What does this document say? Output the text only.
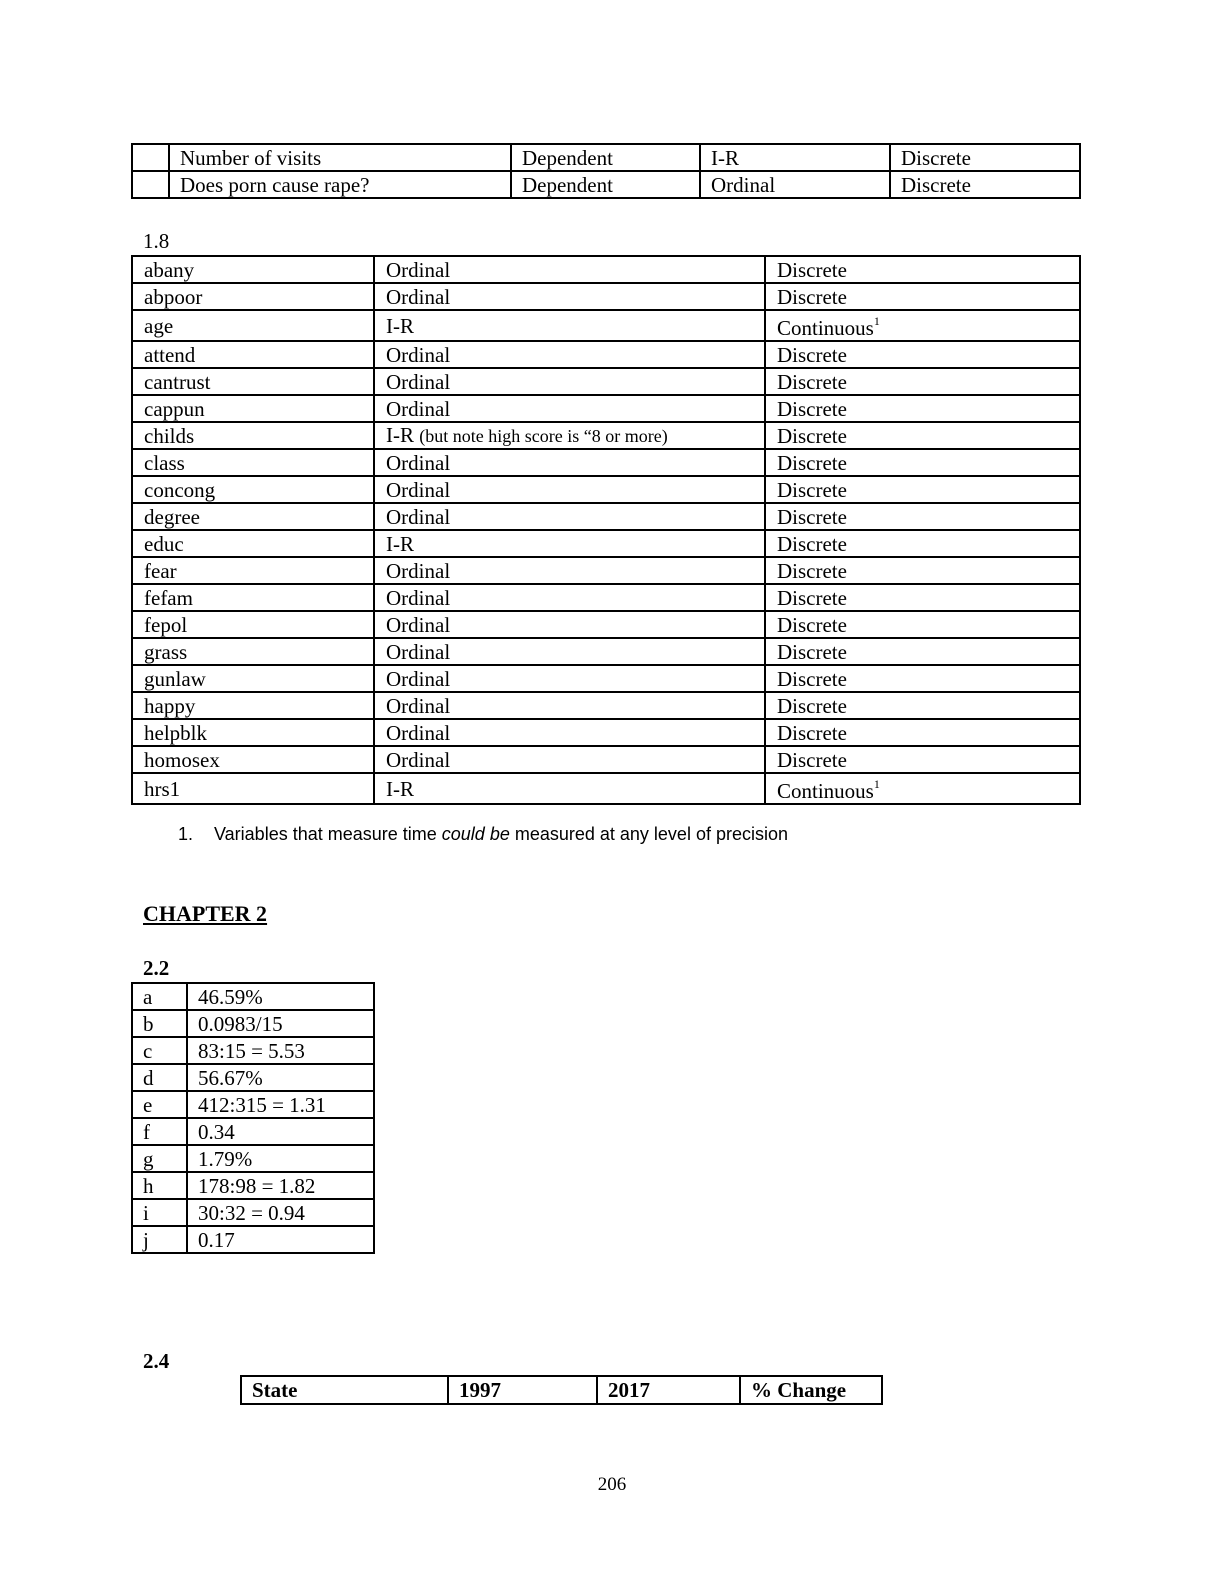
	Number of visits	Dependent	I-R	Discrete
	Does porn cause rape?	Dependent	Ordinal	Discrete
1.8
abany	Ordinal	Discrete
abpoor	Ordinal	Discrete
age	I-R	Continuous$^1$
attend	Ordinal	Discrete
cantrust	Ordinal	Discrete
cappun	Ordinal	Discrete
childs	I-R (but note high score is “8 or more)	Discrete
class	Ordinal	Discrete
concong	Ordinal	Discrete
degree	Ordinal	Discrete
educ	I-R	Discrete
fear	Ordinal	Discrete
fefam	Ordinal	Discrete
fepol	Ordinal	Discrete
grass	Ordinal	Discrete
gunlaw	Ordinal	Discrete
happy	Ordinal	Discrete
helpblk	Ordinal	Discrete
homosex	Ordinal	Discrete
hrs1	I-R	Continuous$^1$
1. Variables that measure time could be measured at any level of precision
CHAPTER 2
2.2
a	46.59%
b	0.0983/15
c	83:15 = 5.53
d	56.67%
e	412:315 = 1.31
f	0.34
g	1.79%
h	178:98 = 1.82
i	30:32 = 0.94
j	0.17
2.4
State	1997	2017	% Change
206
